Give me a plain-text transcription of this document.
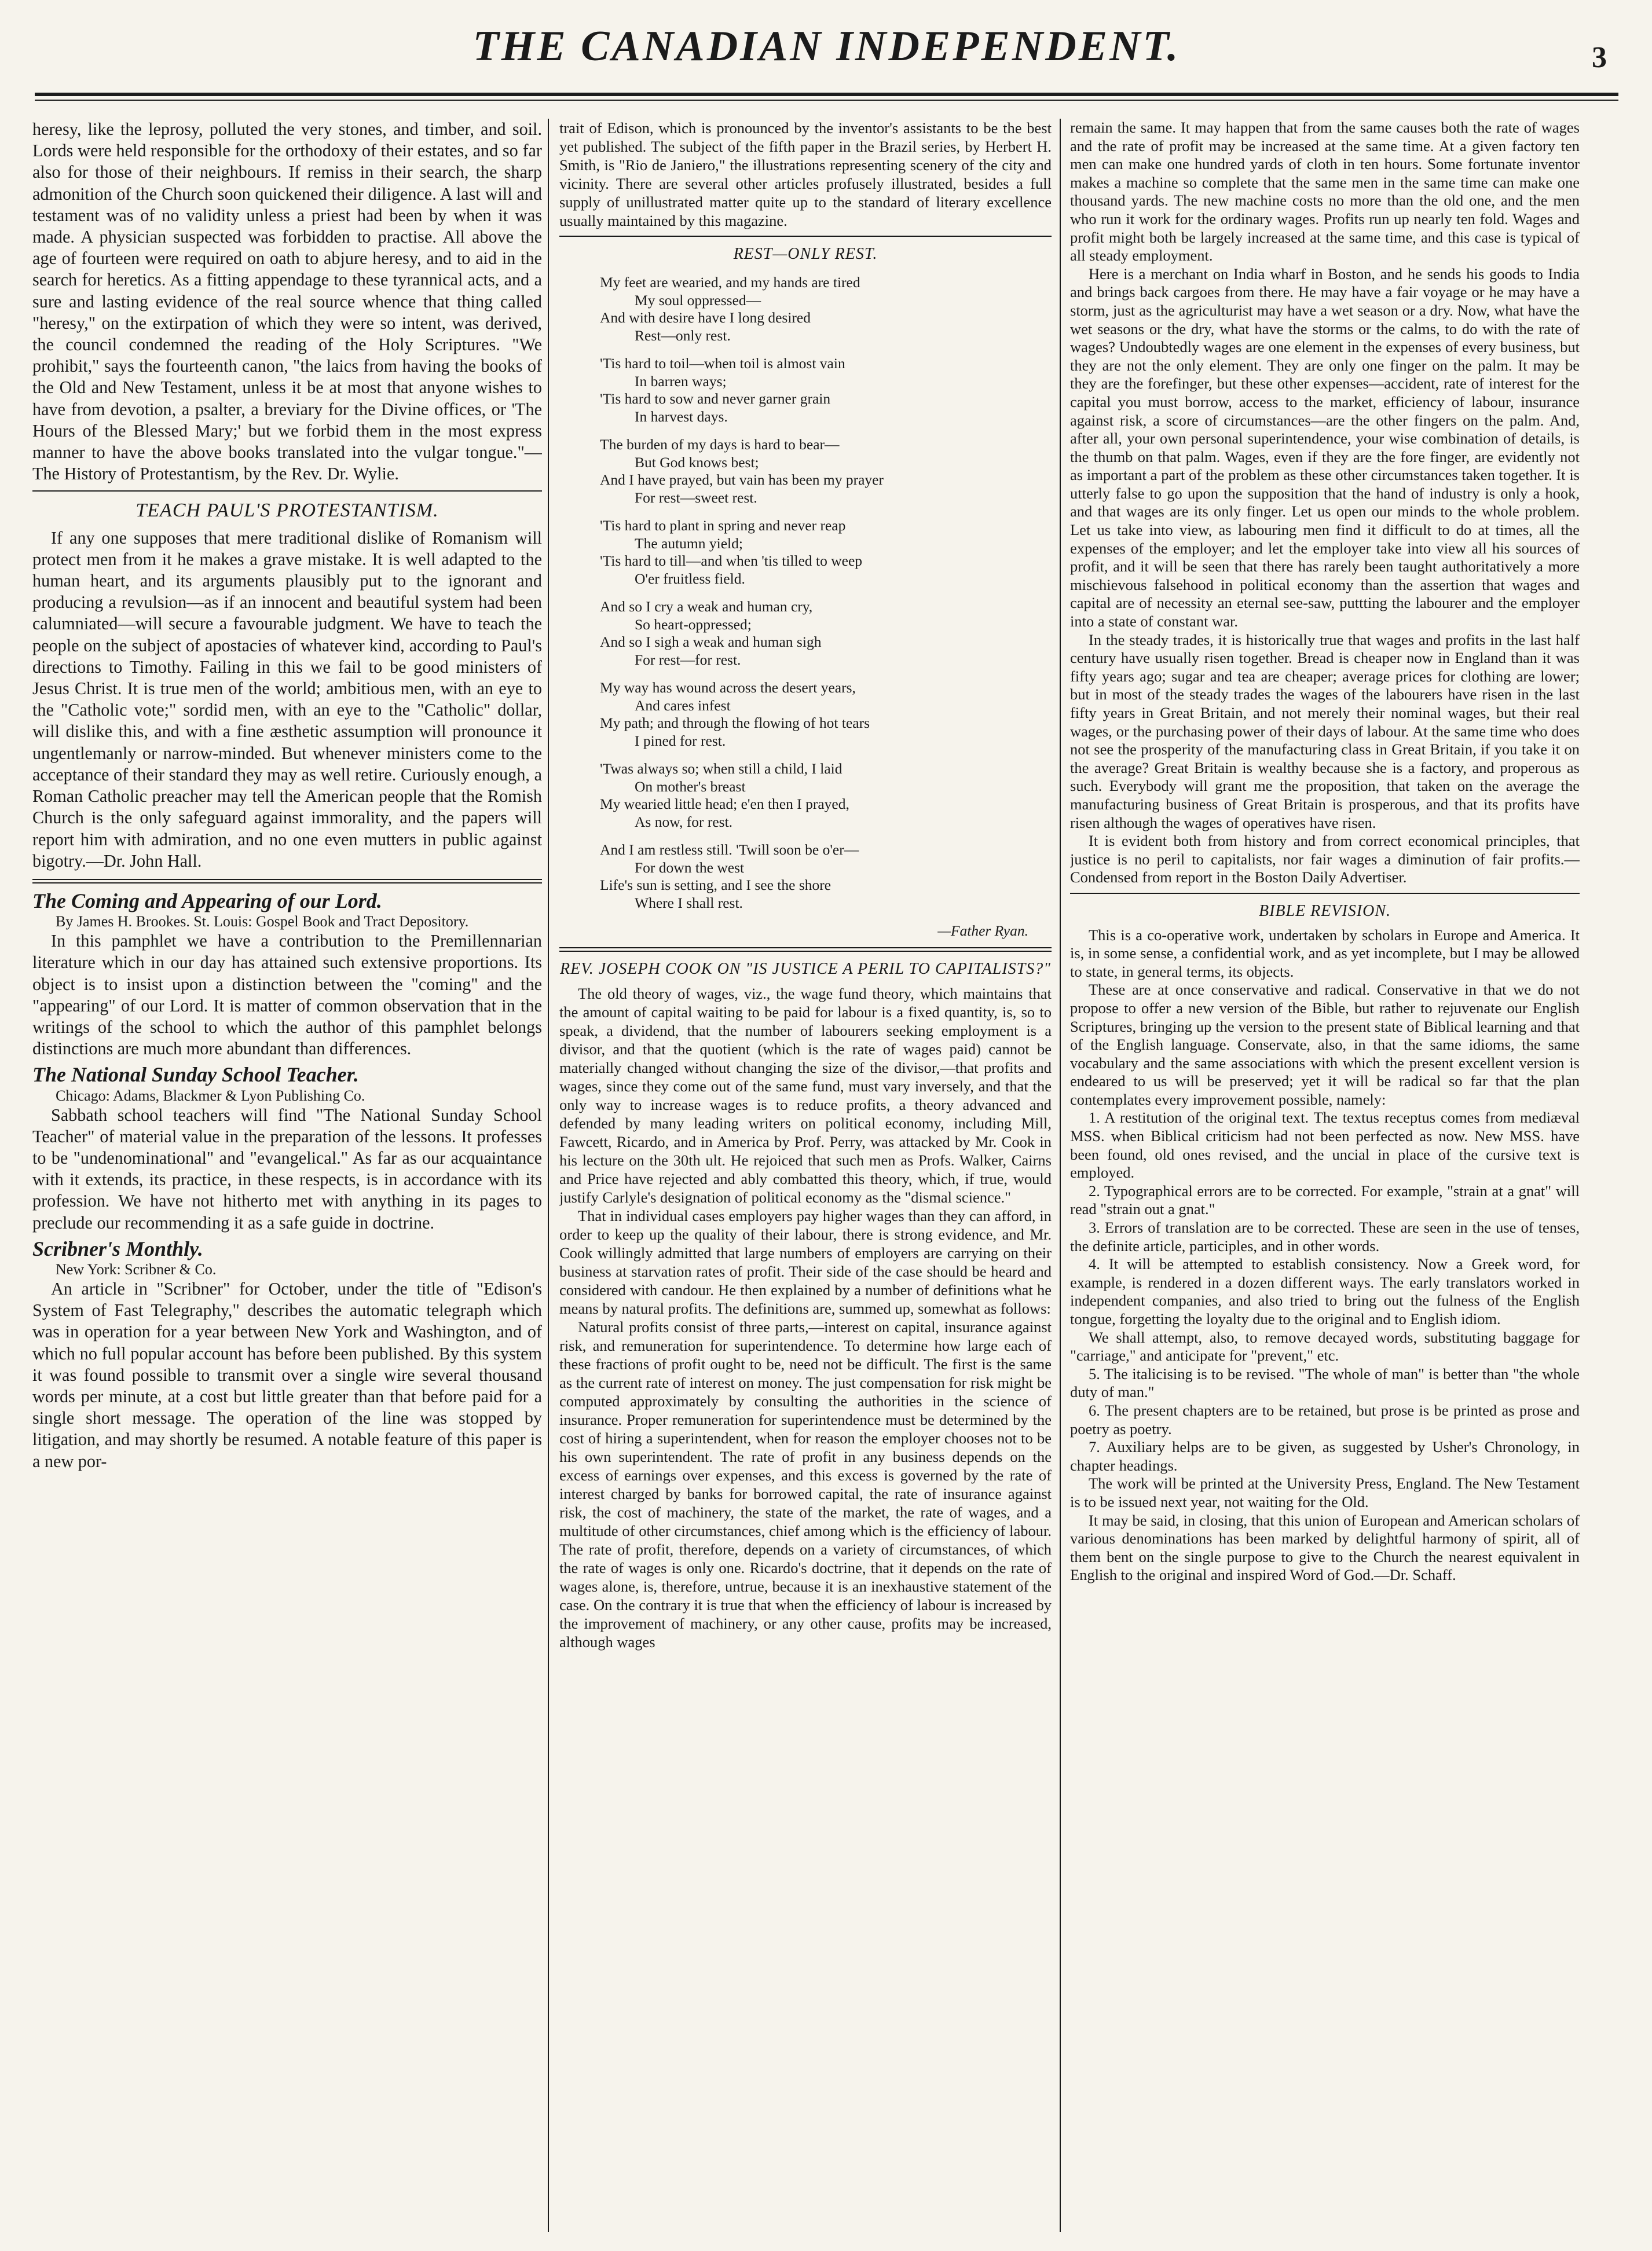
THE CANADIAN INDEPENDENT.	3

heresy, like the leprosy, polluted the very stones, and timber, and soil. Lords were held responsible for the orthodoxy of their estates, and so far also for those of their neighbours. If remiss in their search, the sharp admonition of the Church soon quickened their diligence. A last will and testament was of no validity unless a priest had been by when it was made. A physician suspected was forbidden to practise. All above the age of fourteen were required on oath to abjure heresy, and to aid in the search for heretics. As a fitting appendage to these tyrannical acts, and a sure and lasting evidence of the real source whence that thing called "heresy," on the extirpation of which they were so intent, was derived, the council condemned the reading of the Holy Scriptures. "We prohibit," says the fourteenth canon, "the laics from having the books of the Old and New Testament, unless it be at most that anyone wishes to have from devotion, a psalter, a breviary for the Divine offices, or 'The Hours of the Blessed Mary;' but we forbid them in the most express manner to have the above books translated into the vulgar tongue."—The History of Protestantism, by the Rev. Dr. Wylie.

TEACH PAUL'S PROTESTANTISM.

If any one supposes that mere traditional dislike of Romanism will protect men from it he makes a grave mistake. It is well adapted to the human heart, and its arguments plausibly put to the ignorant and producing a revulsion—as if an innocent and beautiful system had been calumniated—will secure a favourable judgment. We have to teach the people on the subject of apostacies of whatever kind, according to Paul's directions to Timothy. Failing in this we fail to be good ministers of Jesus Christ. It is true men of the world; ambitious men, with an eye to the "Catholic vote;" sordid men, with an eye to the "Catholic" dollar, will dislike this, and with a fine æsthetic assumption will pronounce it ungentlemanly or narrow-minded. But whenever ministers come to the acceptance of their standard they may as well retire. Curiously enough, a Roman Catholic preacher may tell the American people that the Romish Church is the only safeguard against immorality, and the papers will report him with admiration, and no one even mutters in public against bigotry.—Dr. John Hall.

The Coming and Appearing of our Lord.

By James H. Brookes. St. Louis: Gospel Book and Tract Depository.

In this pamphlet we have a contribution to the Premillennarian literature which in our day has attained such extensive proportions. Its object is to insist upon a distinction between the "coming" and the "appearing" of our Lord. It is matter of common observation that in the writings of the school to which the author of this pamphlet belongs distinctions are much more abundant than differences.

The National Sunday School Teacher.

Chicago: Adams, Blackmer & Lyon Publishing Co.

Sabbath school teachers will find "The National Sunday School Teacher" of material value in the preparation of the lessons. It professes to be "undenominational" and "evangelical." As far as our acquaintance with it extends, its practice, in these respects, is in accordance with its profession. We have not hitherto met with anything in its pages to preclude our recommending it as a safe guide in doctrine.

Scribner's Monthly.

New York: Scribner & Co.

An article in "Scribner" for October, under the title of "Edison's System of Fast Telegraphy," describes the automatic telegraph which was in operation for a year between New York and Washington, and of which no full popular account has before been published. By this system it was found possible to transmit over a single wire several thousand words per minute, at a cost but little greater than that before paid for a single short message. The operation of the line was stopped by litigation, and may shortly be resumed. A notable feature of this paper is a new por-

trait of Edison, which is pronounced by the inventor's assistants to be the best yet published. The subject of the fifth paper in the Brazil series, by Herbert H. Smith, is "Rio de Janiero," the illustrations representing scenery of the city and vicinity. There are several other articles profusely illustrated, besides a full supply of unillustrated matter quite up to the standard of literary excellence usually maintained by this magazine.

REST—ONLY REST.
My feet are wearied, and my hands are tired
My soul oppressed—
And with desire have I long desired
Rest—only rest.
'Tis hard to toil—when toil is almost vain
In barren ways;
'Tis hard to sow and never garner grain
In harvest days.
The burden of my days is hard to bear—
But God knows best;
And I have prayed, but vain has been my prayer
For rest—sweet rest.
'Tis hard to plant in spring and never reap
The autumn yield;
'Tis hard to till—and when 'tis tilled to weep
O'er fruitless field.
And so I cry a weak and human cry,
So heart-oppressed;
And so I sigh a weak and human sigh
For rest—for rest.
My way has wound across the desert years,
And cares infest
My path; and through the flowing of hot tears
I pined for rest.
'Twas always so; when still a child, I laid
On mother's breast
My wearied little head; e'en then I prayed,
As now, for rest.
And I am restless still. 'Twill soon be o'er—
For down the west
Life's sun is setting, and I see the shore
Where I shall rest.
—Father Ryan.
REV. JOSEPH COOK ON "IS JUSTICE A PERIL TO CAPITALISTS?"

The old theory of wages, viz., the wage fund theory, which maintains that the amount of capital waiting to be paid for labour is a fixed quantity, is, so to speak, a dividend, that the number of labourers seeking employment is a divisor, and that the quotient (which is the rate of wages paid) cannot be materially changed without changing the size of the divisor,—that profits and wages, since they come out of the same fund, must vary inversely, and that the only way to increase wages is to reduce profits, a theory advanced and defended by many leading writers on political economy, including Mill, Fawcett, Ricardo, and in America by Prof. Perry, was attacked by Mr. Cook in his lecture on the 30th ult. He rejoiced that such men as Profs. Walker, Cairns and Price have rejected and ably combatted this theory, which, if true, would justify Carlyle's designation of political economy as the "dismal science."

That in individual cases employers pay higher wages than they can afford, in order to keep up the quality of their labour, there is strong evidence, and Mr. Cook willingly admitted that large numbers of employers are carrying on their business at starvation rates of profit. Their side of the case should be heard and considered with candour. He then explained by a number of definitions what he means by natural profits. The definitions are, summed up, somewhat as follows:

Natural profits consist of three parts,—interest on capital, insurance against risk, and remuneration for superintendence. To determine how large each of these fractions of profit ought to be, need not be difficult. The first is the same as the current rate of interest on money. The just compensation for risk might be computed approximately by consulting the authorities in the science of insurance. Proper remuneration for superintendence must be determined by the cost of hiring a superintendent, when for reason the employer chooses not to be his own superintendent. The rate of profit in any business depends on the excess of earnings over expenses, and this excess is governed by the rate of interest charged by banks for borrowed capital, the rate of insurance against risk, the cost of machinery, the state of the market, the rate of wages, and a multitude of other circumstances, chief among which is the efficiency of labour. The rate of profit, therefore, depends on a variety of circumstances, of which the rate of wages is only one. Ricardo's doctrine, that it depends on the rate of wages alone, is, therefore, untrue, because it is an inexhaustive statement of the case. On the contrary it is true that when the efficiency of labour is increased by the improvement of machinery, or any other cause, profits may be increased, although wages

remain the same. It may happen that from the same causes both the rate of wages and the rate of profit may be increased at the same time. At a given factory ten men can make one hundred yards of cloth in ten hours. Some fortunate inventor makes a machine so complete that the same men in the same time can make one thousand yards. The new machine costs no more than the old one, and the men who run it work for the ordinary wages. Profits run up nearly ten fold. Wages and profit might both be largely increased at the same time, and this case is typical of all steady employment.

Here is a merchant on India wharf in Boston, and he sends his goods to India and brings back cargoes from there. He may have a fair voyage or he may have a storm, just as the agriculturist may have a wet season or a dry. Now, what have the wet seasons or the dry, what have the storms or the calms, to do with the rate of wages? Undoubtedly wages are one element in the expenses of every business, but they are not the only element. They are only one finger on the palm. It may be they are the forefinger, but these other expenses—accident, rate of interest for the capital you must borrow, access to the market, efficiency of labour, insurance against risk, a score of circumstances—are the other fingers on the palm. And, after all, your own personal superintendence, your wise combination of details, is the thumb on that palm. Wages, even if they are the fore finger, are evidently not as important a part of the problem as these other circumstances taken together. It is utterly false to go upon the supposition that the hand of industry is only a hook, and that wages are its only finger. Let us open our minds to the whole problem. Let us take into view, as labouring men find it difficult to do at times, all the expenses of the employer; and let the employer take into view all his sources of profit, and it will be seen that there has rarely been taught authoritatively a more mischievous falsehood in political economy than the assertion that wages and capital are of necessity an eternal see-saw, puttting the labourer and the employer into a state of constant war.

In the steady trades, it is historically true that wages and profits in the last half century have usually risen together. Bread is cheaper now in England than it was fifty years ago; sugar and tea are cheaper; average prices for clothing are lower; but in most of the steady trades the wages of the labourers have risen in the last fifty years in Great Britain, and not merely their nominal wages, but their real wages, or the purchasing power of their days of labour. At the same time who does not see the prosperity of the manufacturing class in Great Britain, if you take it on the average? Great Britain is wealthy because she is a factory, and properous as such. Everybody will grant me the proposition, that taken on the average the manufacturing business of Great Britain is prosperous, and that its profits have risen although the wages of operatives have risen.

It is evident both from history and from correct economical principles, that justice is no peril to capitalists, nor fair wages a diminution of fair profits.—Condensed from report in the Boston Daily Advertiser.

BIBLE REVISION.

This is a co-operative work, undertaken by scholars in Europe and America. It is, in some sense, a confidential work, and as yet incomplete, but I may be allowed to state, in general terms, its objects.

These are at once conservative and radical. Conservative in that we do not propose to offer a new version of the Bible, but rather to rejuvenate our English Scriptures, bringing up the version to the present state of Biblical learning and that of the English language. Conservate, also, in that the same idioms, the same vocabulary and the same associations with which the present excellent version is endeared to us will be preserved; yet it will be radical so far that the plan contemplates every improvement possible, namely:

1. A restitution of the original text. The textus receptus comes from mediæval MSS. when Biblical criticism had not been perfected as now. New MSS. have been found, old ones revised, and the uncial in place of the cursive text is employed.

2. Typographical errors are to be corrected. For example, "strain at a gnat" will read "strain out a gnat."

3. Errors of translation are to be corrected. These are seen in the use of tenses, the definite article, participles, and in other words.

4. It will be attempted to establish consistency. Now a Greek word, for example, is rendered in a dozen different ways. The early translators worked in independent companies, and also tried to bring out the fulness of the English tongue, forgetting the loyalty due to the original and to English idiom.

We shall attempt, also, to remove decayed words, substituting baggage for "carriage," and anticipate for "prevent," etc.

5. The italicising is to be revised. "The whole of man" is better than "the whole duty of man."

6. The present chapters are to be retained, but prose is be printed as prose and poetry as poetry.

7. Auxiliary helps are to be given, as suggested by Usher's Chronology, in chapter headings.

The work will be printed at the University Press, England. The New Testament is to be issued next year, not waiting for the Old.

It may be said, in closing, that this union of European and American scholars of various denominations has been marked by delightful harmony of spirit, all of them bent on the single purpose to give to the Church the nearest equivalent in English to the original and inspired Word of God.—Dr. Schaff.
